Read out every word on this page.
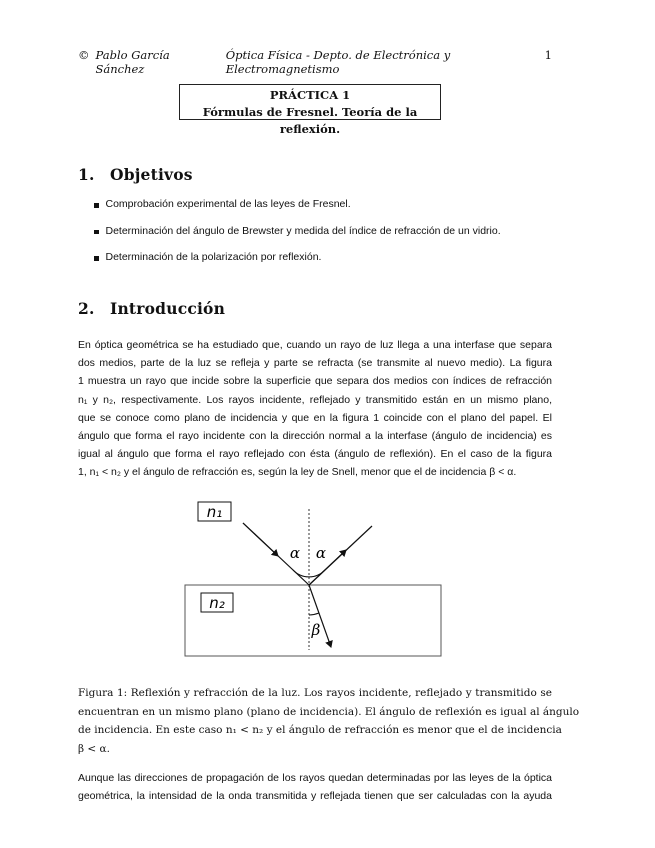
© Pablo García Sánchez
Óptica Física - Depto. de Electrónica y Electromagnetismo
1
PRÁCTICA 1
Fórmulas de Fresnel. Teoría de la reflexión.
1. Objetivos
Comprobación experimental de las leyes de Fresnel.
Determinación del ángulo de Brewster y medida del índice de refracción de un vidrio.
Determinación de la polarización por reflexión.
2. Introducción
En óptica geométrica se ha estudiado que, cuando un rayo de luz llega a una interfase que separa
dos medios, parte de la luz se refleja y parte se refracta (se transmite al nuevo medio). La figura
1 muestra un rayo que incide sobre la superficie que separa dos medios con índices de refracción
n₁ y n₂, respectivamente. Los rayos incidente, reflejado y transmitido están en un mismo plano,
que se conoce como plano de incidencia y que en la figura 1 coincide con el plano del papel. El
ángulo que forma el rayo incidente con la dirección normal a la interfase (ángulo de incidencia) es
igual al ángulo que forma el rayo reflejado con ésta (ángulo de reflexión). En el caso de la figura
1, n₁ < n₂ y el ángulo de refracción es, según la ley de Snell, menor que el de incidencia β < α.
n₁
n₂
α α
β
Figura 1: Reflexión y refracción de la luz. Los rayos incidente, reflejado y transmitido se
encuentran en un mismo plano (plano de incidencia). El ángulo de reflexión es igual al ángulo
de incidencia. En este caso n₁ < n₂ y el ángulo de refracción es menor que el de incidencia
β < α.
Aunque las direcciones de propagación de los rayos quedan determinadas por las leyes de la óptica
geométrica, la intensidad de la onda transmitida y reflejada tienen que ser calculadas con la ayuda
